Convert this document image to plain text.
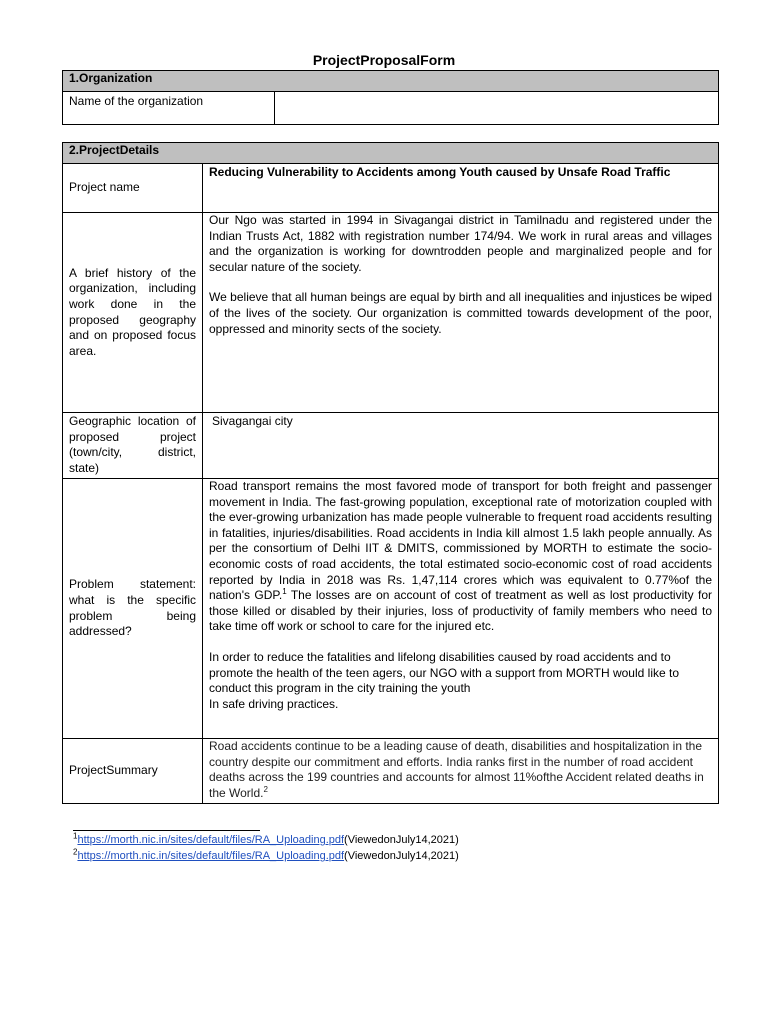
ProjectProposalForm
1.Organization
Name of the organization	
2.ProjectDetails	
Project name	Reducing Vulnerability to Accidents among Youth caused by Unsafe Road Traffic
A brief history of the organization, including work done in the proposed geography and on proposed focus area.	Our Ngo was started in 1994 in Sivagangai district in Tamilnadu and registered under the Indian Trusts Act, 1882 with registration number 174/94. We work in rural areas and villages and the organization is working for downtrodden people and marginalized people and for secular nature of the society.
We believe that all human beings are equal by birth and all inequalities and injustices be wiped of the lives of the society. Our organization is committed towards development of the poor, oppressed and minority sects of the society.

Geographic location of proposed project (town/city, district, state)	Sivagangai city
Problem statement: what is the specific problem being addressed?	Road transport remains the most favored mode of transport for both freight and passenger movement in India. The fast-growing population, exceptional rate of motorization coupled with the ever-growing urbanization has made people vulnerable to frequent road accidents resulting in fatalities, injuries/disabilities. Road accidents in India kill almost 1.5 lakh people annually. As per the consortium of Delhi IIT & DMITS, commissioned by MORTH to estimate the socio-economic costs of road accidents, the total estimated socio-economic cost of road accidents reported by India in 2018 was Rs. 1,47,114 crores which was equivalent to 0.77%of the nation's GDP.$^1$ The losses are on account of cost of treatment as well as lost productivity for those killed or disabled by their injuries, loss of productivity of family members who need to take time off work or school to care for the injured etc.
In order to reduce the fatalities and lifelong disabilities caused by road accidents and to promote the health of the teen agers, our NGO with a support from MORTH would like to conduct this program in the city training the youth
In safe driving practices.

ProjectSummary	Road accidents continue to be a leading cause of death, disabilities and hospitalization in the country despite our commitment and efforts. India ranks first in the number of road accident deaths across the 199 countries and accounts for almost 11%ofthe Accident related deaths in the World.$^2$
$^1$https://morth.nic.in/sites/default/files/RA_Uploading.pdf(ViewedonJuly14,2021)
$^2$https://morth.nic.in/sites/default/files/RA_Uploading.pdf(ViewedonJuly14,2021)
